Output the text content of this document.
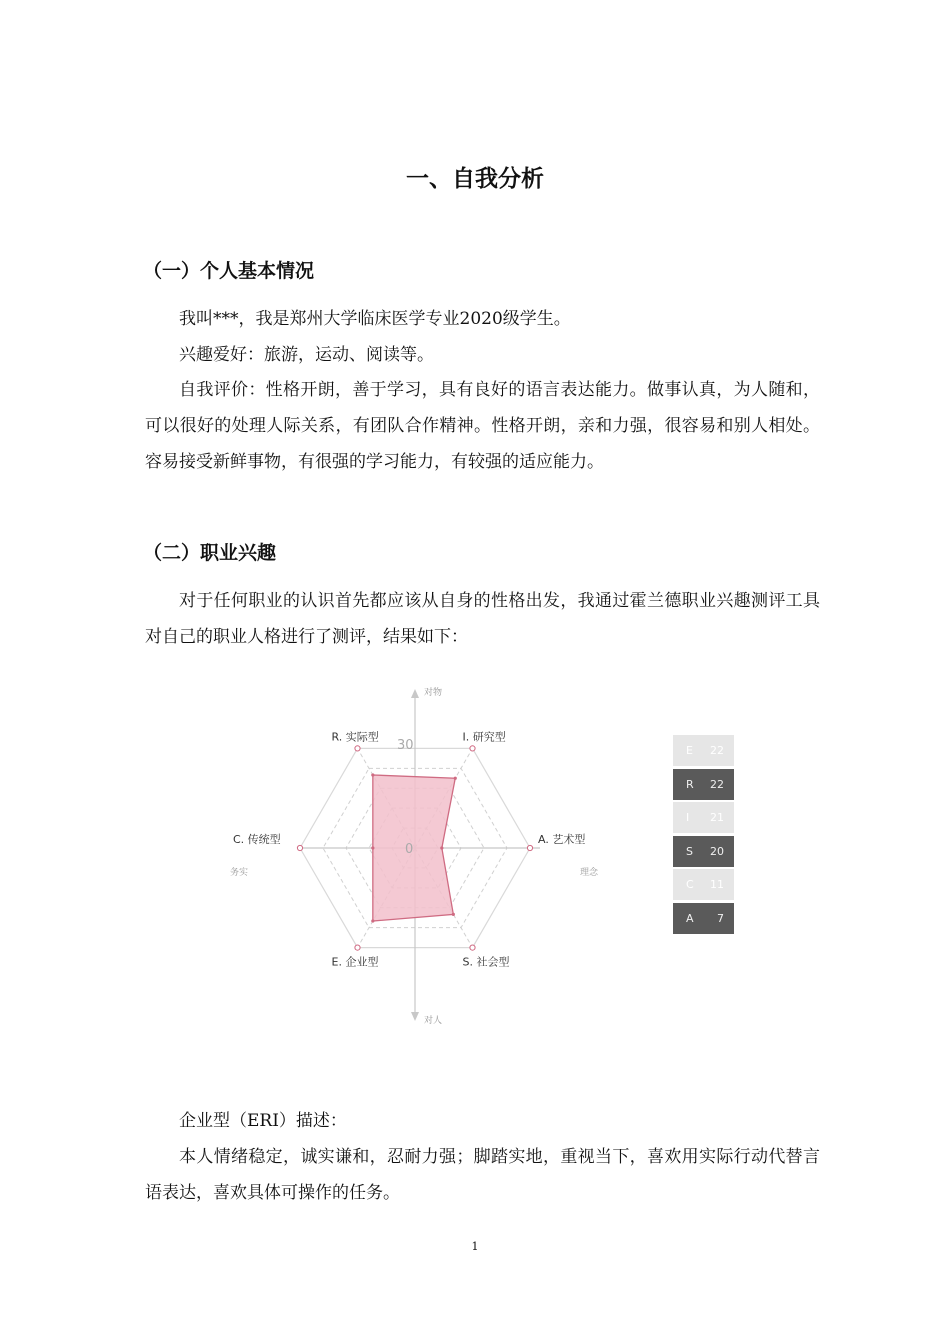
一、自我分析
（一）个人基本情况

我叫***，我是郑州大学临床医学专业2020级学生。

兴趣爱好：旅游，运动、阅读等。

自我评价：性格开朗，善于学习，具有良好的语言表达能力。做事认真，为人随和，可以很好的处理人际关系，有团队合作精神。性格开朗，亲和力强，很容易和别人相处。容易接受新鲜事物，有很强的学习能力，有较强的适应能力。

（二）职业兴趣

对于任何职业的认识首先都应该从自身的性格出发，我通过霍兰德职业兴趣测评工具对自己的职业人格进行了测评，结果如下：

R. 实际型	I. 研究型
A. 艺术型
S. 社会型
E. 企业型
C. 传统型
30
0
对物
对人
务实	理念
E 22
R 22
I 21
S 20
C 11
A 7

企业型（ERI）描述：

本人情绪稳定，诚实谦和，忍耐力强；脚踏实地，重视当下，喜欢用实际行动代替言语表达，喜欢具体可操作的任务。

1
